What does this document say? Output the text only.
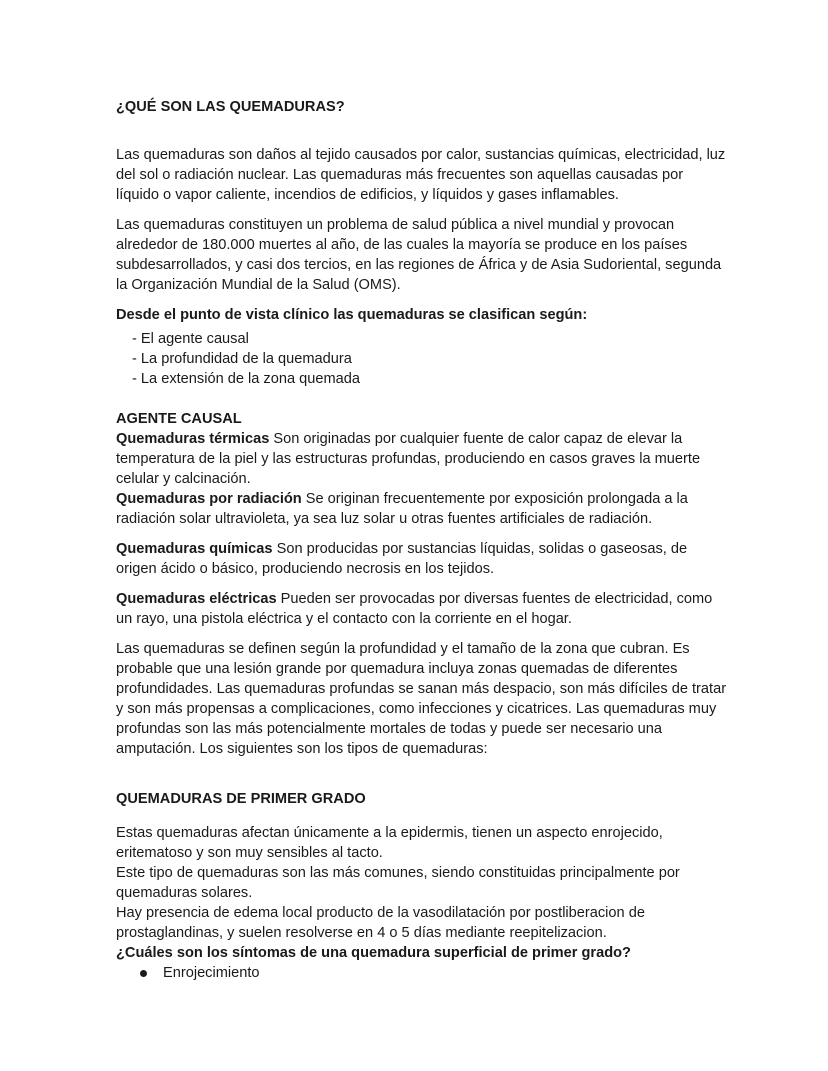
¿QUÉ SON LAS QUEMADURAS?

Las quemaduras son daños al tejido causados por calor, sustancias químicas, electricidad, luz del sol o radiación nuclear. Las quemaduras más frecuentes son aquellas causadas por líquido o vapor caliente, incendios de edificios, y líquidos y gases inflamables.

Las quemaduras constituyen un problema de salud pública a nivel mundial y provocan alrededor de 180.000 muertes al año, de las cuales la mayoría se produce en los países subdesarrollados, y casi dos tercios, en las regiones de África y de Asia Sudoriental, segunda la Organización Mundial de la Salud (OMS).

Desde el punto de vista clínico las quemaduras se clasifican según:

- El agente causal
- La profundidad de la quemadura
- La extensión de la zona quemada

AGENTE CAUSAL

Quemaduras térmicas Son originadas por cualquier fuente de calor capaz de elevar la temperatura de la piel y las estructuras profundas, produciendo en casos graves la muerte celular y calcinación.

Quemaduras por radiación Se originan frecuentemente por exposición prolongada a la radiación solar ultravioleta, ya sea luz solar u otras fuentes artificiales de radiación.

Quemaduras químicas Son producidas por sustancias líquidas, solidas o gaseosas, de origen ácido o básico, produciendo necrosis en los tejidos.

Quemaduras eléctricas Pueden ser provocadas por diversas fuentes de electricidad, como un rayo, una pistola eléctrica y el contacto con la corriente en el hogar.

Las quemaduras se definen según la profundidad y el tamaño de la zona que cubran. Es probable que una lesión grande por quemadura incluya zonas quemadas de diferentes profundidades. Las quemaduras profundas se sanan más despacio, son más difíciles de tratar y son más propensas a complicaciones, como infecciones y cicatrices. Las quemaduras muy profundas son las más potencialmente mortales de todas y puede ser necesario una amputación. Los siguientes son los tipos de quemaduras:

QUEMADURAS DE PRIMER GRADO

Estas quemaduras afectan únicamente a la epidermis, tienen un aspecto enrojecido, eritematoso y son muy sensibles al tacto.

Este tipo de quemaduras son las más comunes, siendo constituidas principalmente por quemaduras solares.

Hay presencia de edema local producto de la vasodilatación por postliberacion de prostaglandinas, y suelen resolverse en 4 o 5 días mediante reepitelizacion.

¿Cuáles son los síntomas de una quemadura superficial de primer grado?

Enrojecimiento
